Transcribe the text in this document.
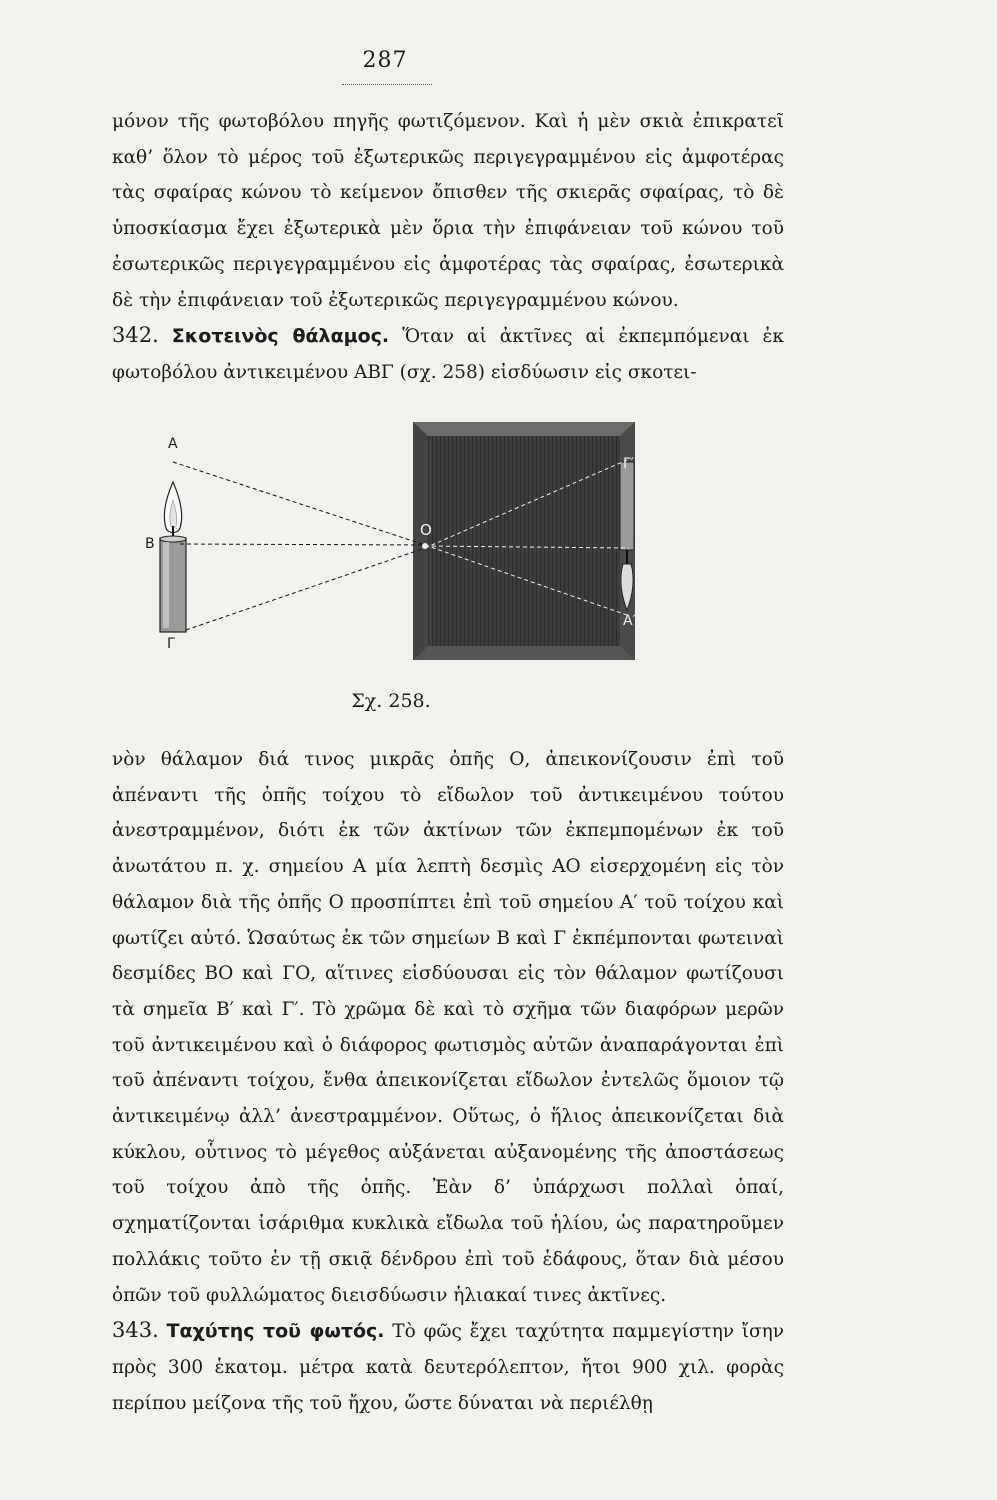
287

μόνον τῆς φωτοβόλου πηγῆς φωτιζόμενον. Καὶ ἡ μὲν σκιὰ ἐπικρατεῖ καθ’ ὅλον τὸ μέρος τοῦ ἐξωτερικῶς περιγεγραμμένου εἰς ἀμφοτέρας τὰς σφαίρας κώνου τὸ κείμενον ὄπισθεν τῆς σκιερᾶς σφαίρας, τὸ δὲ ὑποσκίασμα ἔχει ἐξωτερικὰ μὲν ὅρια τὴν ἐπιφάνειαν τοῦ κώνου τοῦ ἐσωτερικῶς περιγεγραμμένου εἰς ἀμφοτέρας τὰς σφαίρας, ἐσωτερικὰ δὲ τὴν ἐπιφάνειαν τοῦ ἐξωτερικῶς περιγεγραμμένου κώνου.

342. Σκοτεινὸς θάλαμος. Ὅταν αἱ ἀκτῖνες αἱ ἐκπεμπόμεναι ἐκ φωτοβόλου ἀντικειμένου ΑΒΓ (σχ. 258) εἰσδύωσιν εἰς σκοτει-

Α
Β
Γ
Ο
Γ′
Β′
Α′
Σχ. 258.

νὸν θάλαμον διά τινος μικρᾶς ὀπῆς Ο, ἀπεικονίζουσιν ἐπὶ τοῦ ἀπέναντι τῆς ὀπῆς τοίχου τὸ εἴδωλον τοῦ ἀντικειμένου τούτου ἀνεστραμμένον, διότι ἐκ τῶν ἀκτίνων τῶν ἐκπεμπομένων ἐκ τοῦ ἀνωτάτου π. χ. σημείου Α μία λεπτὴ δεσμὶς ΑΟ εἰσερχομένη εἰς τὸν θάλαμον διὰ τῆς ὀπῆς Ο προσπίπτει ἐπὶ τοῦ σημείου Α′ τοῦ τοίχου καὶ φωτίζει αὐτό. Ὡσαύτως ἐκ τῶν σημείων Β καὶ Γ ἐκπέμπονται φωτειναὶ δεσμίδες ΒΟ καὶ ΓΟ, αἵτινες εἰσδύουσαι εἰς τὸν θάλαμον φωτίζουσι τὰ σημεῖα Β′ καὶ Γ′. Τὸ χρῶμα δὲ καὶ τὸ σχῆμα τῶν διαφόρων μερῶν τοῦ ἀντικειμένου καὶ ὁ διάφορος φωτισμὸς αὐτῶν ἀναπαράγονται ἐπὶ τοῦ ἀπέναντι τοίχου, ἔνθα ἀπεικονίζεται εἴδωλον ἐντελῶς ὅμοιον τῷ ἀντικειμένῳ ἀλλ’ ἀνεστραμμένον. Οὕτως, ὁ ἥλιος ἀπεικονίζεται διὰ κύκλου, οὗτινος τὸ μέγεθος αὐξάνεται αὐξανομένης τῆς ἀποστάσεως τοῦ τοίχου ἀπὸ τῆς ὀπῆς. Ἐὰν δ’ ὑπάρχωσι πολλαὶ ὀπαί, σχηματίζονται ἰσάριθμα κυκλικὰ εἴδωλα τοῦ ἡλίου, ὡς παρατηροῦμεν πολλάκις τοῦτο ἐν τῇ σκιᾷ δένδρου ἐπὶ τοῦ ἐδάφους, ὅταν διὰ μέσου ὀπῶν τοῦ φυλλώματος διεισδύωσιν ἡλιακαί τινες ἀκτῖνες.

343. Ταχύτης τοῦ φωτός. Τὸ φῶς ἔχει ταχύτητα παμμεγίστην ἴσην πρὸς 300 ἑκατομ. μέτρα κατὰ δευτερόλεπτον, ἤτοι 900 χιλ. φορὰς περίπου μείζονα τῆς τοῦ ἤχου, ὥστε δύναται νὰ περιέλθῃ
